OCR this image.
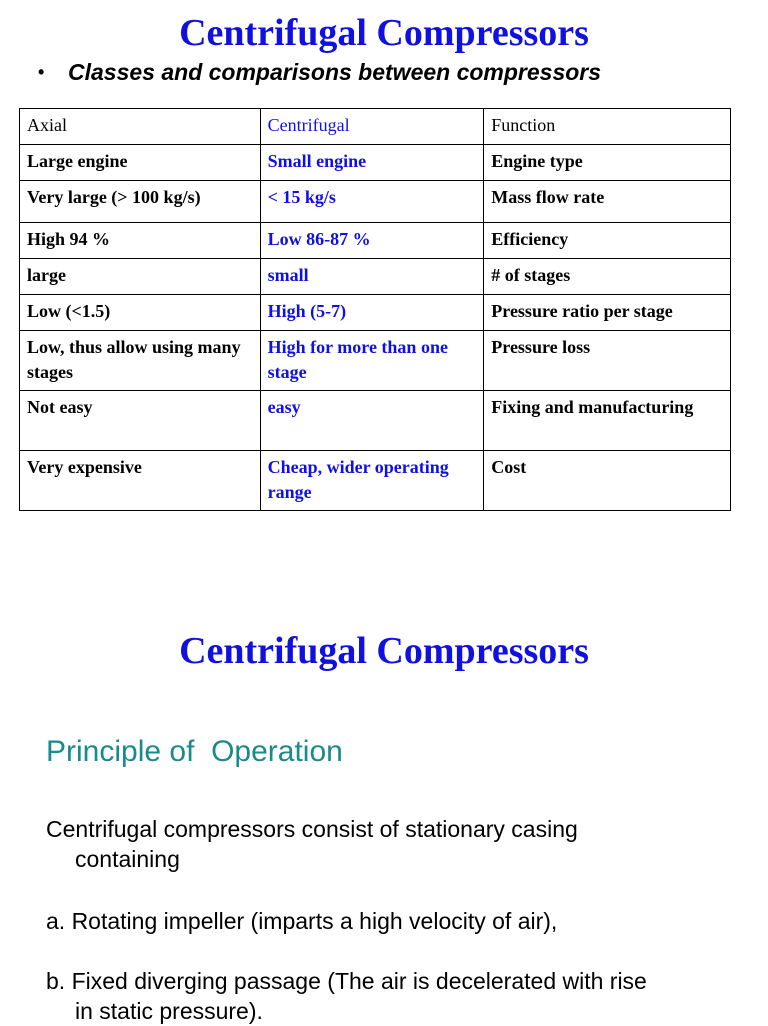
Centrifugal Compressors
• Classes and comparisons between compressors
Axial	Centrifugal	Function
Large engine	Small engine	Engine type
Very large (> 100 kg/s)	< 15 kg/s	Mass flow rate
High 94 %	Low 86-87 %	Efficiency
large	small	# of stages
Low (<1.5)	High (5-7)	Pressure ratio per stage
Low, thus allow using many stages	High for more than one stage	Pressure loss
Not easy	easy	Fixing and manufacturing
Very expensive	Cheap, wider operating range	Cost
Centrifugal Compressors
Principle of  Operation
Centrifugal compressors consist of stationary casing
containing
a. Rotating impeller (imparts a high velocity of air),
b. Fixed diverging passage (The air is decelerated with rise
in static pressure).
